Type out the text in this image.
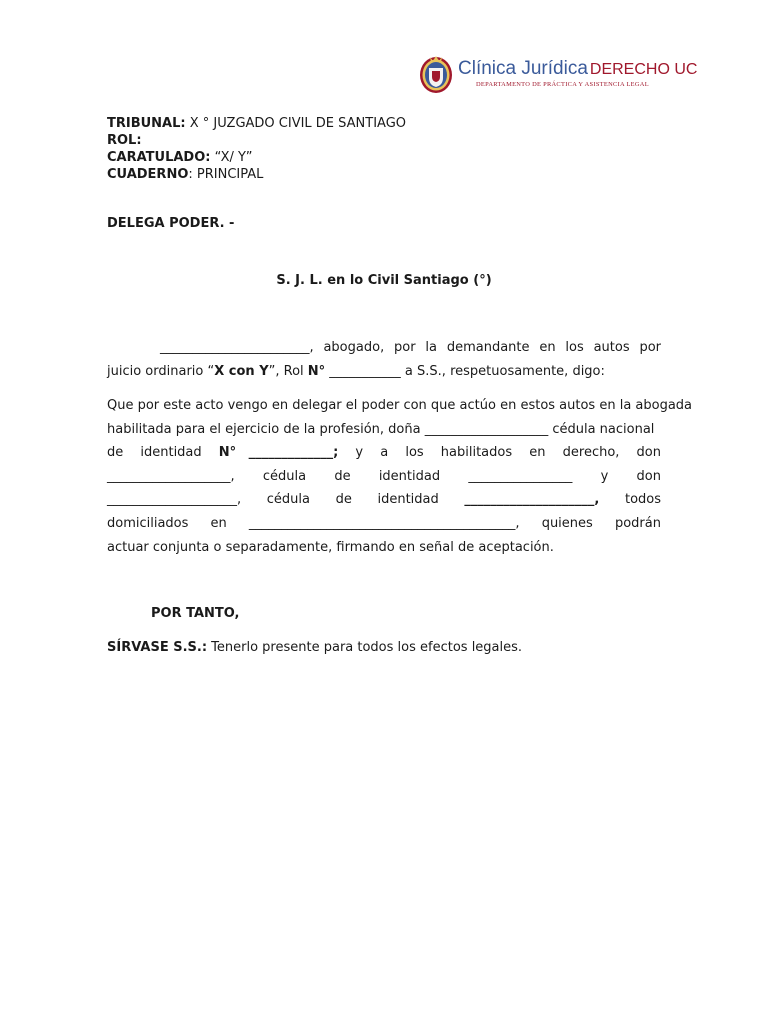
Clínica Jurídica DERECHO UC
DEPARTAMENTO DE PRÁCTICA Y ASISTENCIA LEGAL
TRIBUNAL: X ° JUZGADO CIVIL DE SANTIAGO
ROL:
CARATULADO: “X/ Y”
CUADERNO: PRINCIPAL
DELEGA PODER. -
S. J. L. en lo Civil Santiago (°)
_______________________, abogado, por la demandante en los autos por
juicio ordinario “X con Y”, Rol N° ___________ a S.S., respetuosamente, digo:
Que por este acto vengo en delegar el poder con que actúo en estos autos en la abogada
habilitada para el ejercicio de la profesión, doña ___________________ cédula nacional
de identidad N° _____________; y a los habilitados en derecho, don
___________________, cédula de identidad ________________ y don
____________________, cédula de identidad ____________________, todos
domiciliados en _________________________________________, quienes podrán
actuar conjunta o separadamente, firmando en señal de aceptación.
POR TANTO,
SÍRVASE S.S.: Tenerlo presente para todos los efectos legales.
